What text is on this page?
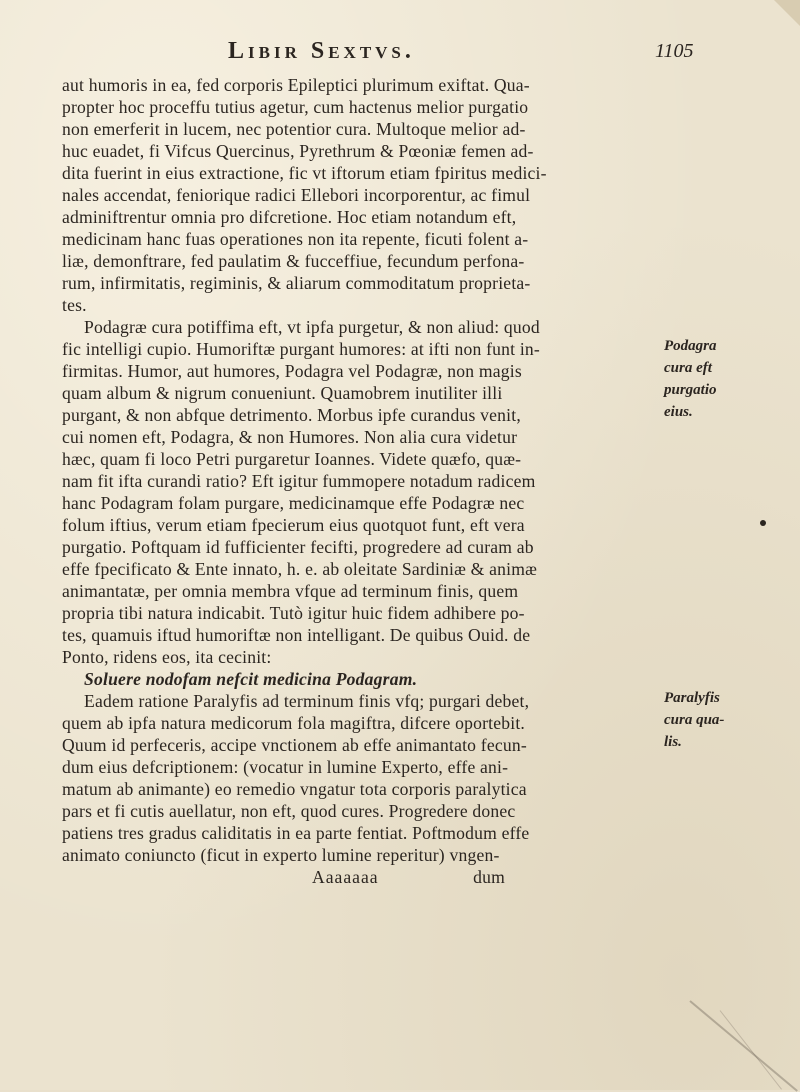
Libir Sextvs.	1105
aut humoris in ea, fed corporis Epileptici plurimum exiftat. Qua-
propter hoc proceffu tutius agetur, cum hactenus melior purgatio
non emerferit in lucem, nec potentior cura. Multoque melior ad-
huc euadet, fi Vifcus Quercinus, Pyrethrum & Pœoniæ femen ad-
dita fuerint in eius extractione, fic vt iftorum etiam fpiritus medici-
nales accendat, feniorique radici Ellebori incorporentur, ac fimul
adminiftrentur omnia pro difcretione. Hoc etiam notandum eft,
medicinam hanc fuas operationes non ita repente, ficuti folent a-
liæ, demonftrare, fed paulatim & fucceffiue, fecundum perfona-
rum, infirmitatis, regiminis, & aliarum commoditatum proprieta-
tes.
Podagræ cura potiffima eft, vt ipfa purgetur, & non aliud: quod
fic intelligi cupio. Humoriftæ purgant humores: at ifti non funt in-
firmitas. Humor, aut humores, Podagra vel Podagræ, non magis
quam album & nigrum conueniunt. Quamobrem inutiliter illi
purgant, & non abfque detrimento. Morbus ipfe curandus venit,
cui nomen eft, Podagra, & non Humores. Non alia cura videtur
hæc, quam fi loco Petri purgaretur Ioannes. Videte quæfo, quæ-
nam fit ifta curandi ratio? Eft igitur fummopere notadum radicem
hanc Podagram folam purgare, medicinamque effe Podagræ nec
folum iftius, verum etiam fpecierum eius quotquot funt, eft vera
purgatio. Poftquam id fufficienter fecifti, progredere ad curam ab
effe fpecificato & Ente innato, h. e. ab oleitate Sardiniæ & animæ
animantatæ, per omnia membra vfque ad terminum finis, quem
propria tibi natura indicabit. Tutò igitur huic fidem adhibere po-
tes, quamuis iftud humoriftæ non intelligant. De quibus Ouid. de
Ponto, ridens eos, ita cecinit:
Soluere nodofam nefcit medicina Podagram.
Eadem ratione Paralyfis ad terminum finis vfq; purgari debet,
quem ab ipfa natura medicorum fola magiftra, difcere oportebit.
Quum id perfeceris, accipe vnctionem ab effe animantato fecun-
dum eius defcriptionem: (vocatur in lumine Experto, effe ani-
matum ab animante) eo remedio vngatur tota corporis paralytica
pars et fi cutis auellatur, non eft, quod cures. Progredere donec
patiens tres gradus caliditatis in ea parte fentiat. Poftmodum effe
animato coniuncto (ficut in experto lumine reperitur) vngen-
Aaaaaaa	dum
Podagra
cura eft
purgatio
eius.
Paralyfis
cura qua-
lis.
